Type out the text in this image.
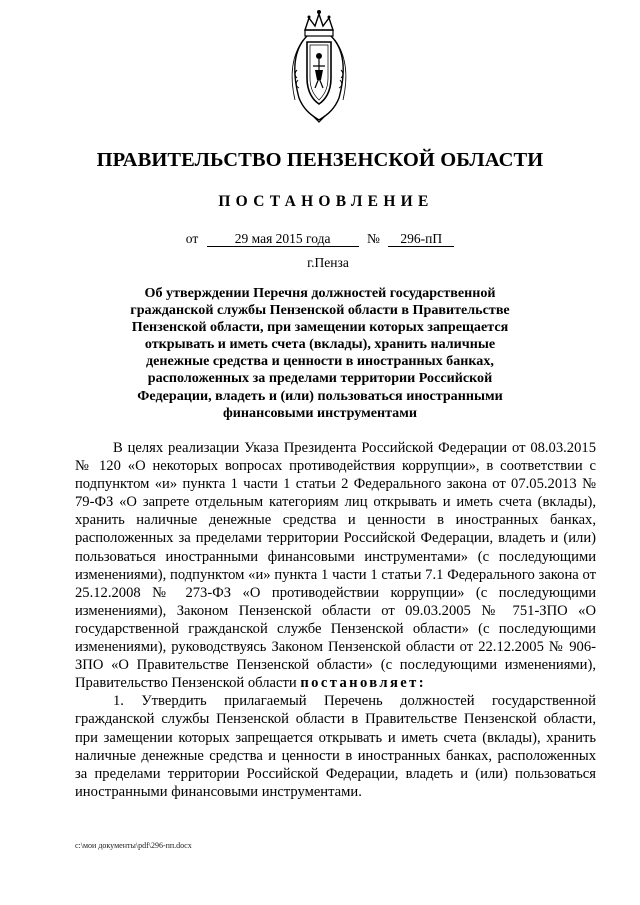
ПРАВИТЕЛЬСТВО ПЕНЗЕНСКОЙ ОБЛАСТИ
ПОСТАНОВЛЕНИЕ
от	29 мая 2015 года	№ 296-пП
г.Пенза
Об утверждении Перечня должностей государственной гражданской службы Пензенской области в Правительстве Пензенской области, при замещении которых запрещается открывать и иметь счета (вклады), хранить наличные денежные средства и ценности в иностранных банках, расположенных за пределами территории Российской Федерации, владеть и (или) пользоваться иностранными финансовыми инструментами

В целях реализации Указа Президента Российской Федерации от 08.03.2015 № 120 «О некоторых вопросах противодействия коррупции», в соответствии с подпунктом «и» пункта 1 части 1 статьи 2 Федерального закона от 07.05.2013 № 79-ФЗ «О запрете отдельным категориям лиц открывать и иметь счета (вклады), хранить наличные денежные средства и ценности в иностранных банках, расположенных за пределами территории Российской Федерации, владеть и (или) пользоваться иностранными финансовыми инструментами» (с последующими изменениями), подпунктом «и» пункта 1 части 1 статьи 7.1 Федерального закона от 25.12.2008 № 273-ФЗ «О противодействии коррупции» (с последующими изменениями), Законом Пензенской области от 09.03.2005 № 751-ЗПО «О государственной гражданской службе Пензенской области» (с последующими изменениями), руководствуясь Законом Пензенской области от 22.12.2005 № 906-ЗПО «О Правительстве Пензенской области» (с последующими изменениями), Правительство Пензенской области постановляет:

1. Утвердить прилагаемый Перечень должностей государственной гражданской службы Пензенской области в Правительстве Пензенской области, при замещении которых запрещается открывать и иметь счета (вклады), хранить наличные денежные средства и ценности в иностранных банках, расположенных за пределами территории Российской Федерации, владеть и (или) пользоваться иностранными финансовыми инструментами.

c:\мои документы\pdf\296-пп.docx
